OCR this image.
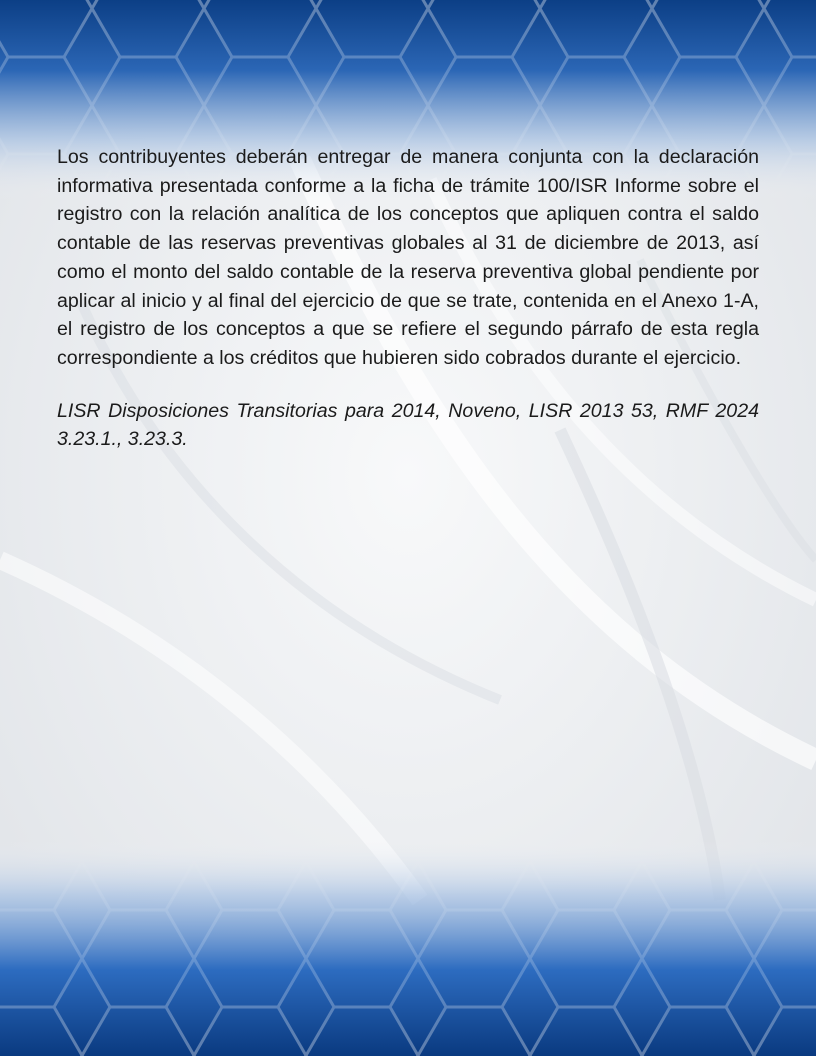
Los contribuyentes deberán entregar de manera conjunta con la declaración informativa presentada conforme a la ficha de trámite 100/ISR Informe sobre el registro con la relación analítica de los conceptos que apliquen contra el saldo contable de las reservas preventivas globales al 31 de diciembre de 2013, así como el monto del saldo contable de la reserva preventiva global pendiente por aplicar al inicio y al final del ejercicio de que se trate, contenida en el Anexo 1-A, el registro de los conceptos a que se refiere el segundo párrafo de esta regla correspondiente a los créditos que hubieren sido cobrados durante el ejercicio.

LISR Disposiciones Transitorias para 2014, Noveno, LISR 2013 53, RMF 2024 3.23.1., 3.23.3.
